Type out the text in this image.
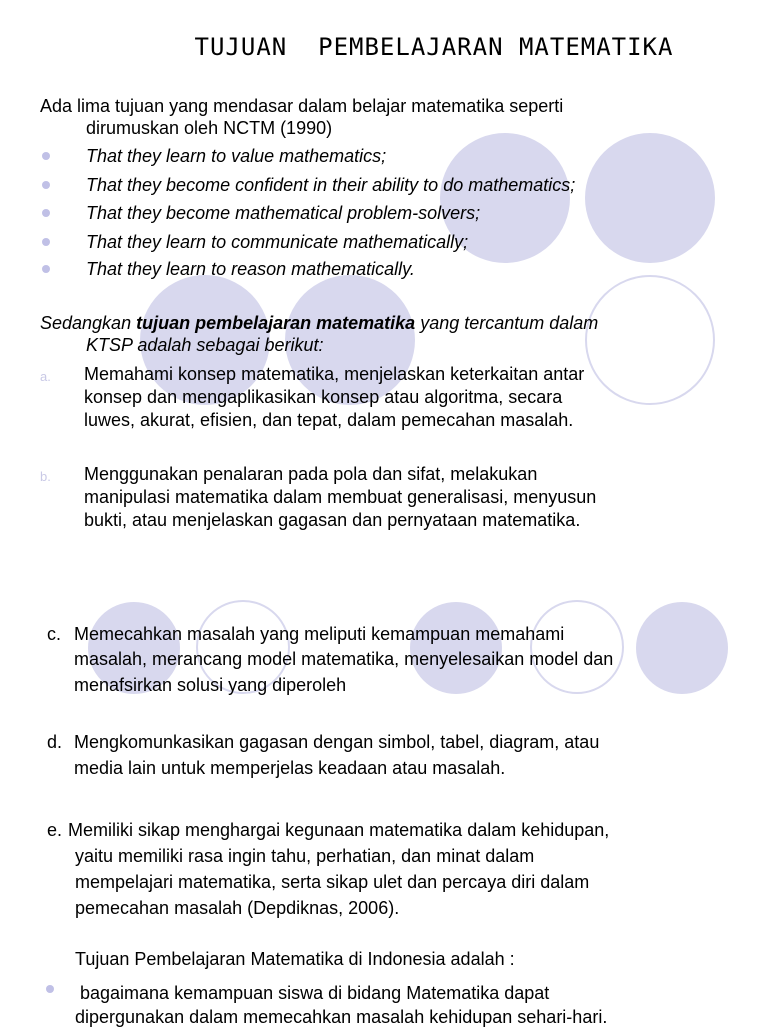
TUJUAN  PEMBELAJARAN MATEMATIKA
Ada lima tujuan yang mendasar dalam belajar matematika seperti
dirumuskan oleh NCTM (1990)
That they learn to value mathematics;
That they become confident in their ability to do mathematics;
That they become mathematical problem-solvers;
That they learn to communicate mathematically;
That they learn to reason mathematically.
Sedangkan tujuan pembelajaran matematika yang tercantum dalam
KTSP adalah sebagai berikut:
a. Memahami konsep matematika, menjelaskan keterkaitan antar
konsep dan mengaplikasikan konsep atau algoritma, secara
luwes, akurat, efisien, dan tepat, dalam pemecahan masalah.
b. Menggunakan penalaran pada pola dan sifat, melakukan
manipulasi matematika dalam membuat generalisasi, menyusun
bukti, atau menjelaskan gagasan dan pernyataan matematika.
c. Memecahkan masalah yang meliputi kemampuan memahami
masalah, merancang model matematika, menyelesaikan model dan
menafsirkan solusi yang diperoleh
d. Mengkomunkasikan gagasan dengan simbol, tabel, diagram, atau
media lain untuk memperjelas keadaan atau masalah.
e. Memiliki sikap menghargai kegunaan matematika dalam kehidupan,
yaitu memiliki rasa ingin tahu, perhatian, dan minat dalam
mempelajari matematika, serta sikap ulet dan percaya diri dalam
pemecahan masalah (Depdiknas, 2006).
Tujuan Pembelajaran Matematika di Indonesia adalah :
bagaimana kemampuan siswa di bidang Matematika dapat
dipergunakan dalam memecahkan masalah kehidupan sehari-hari.
